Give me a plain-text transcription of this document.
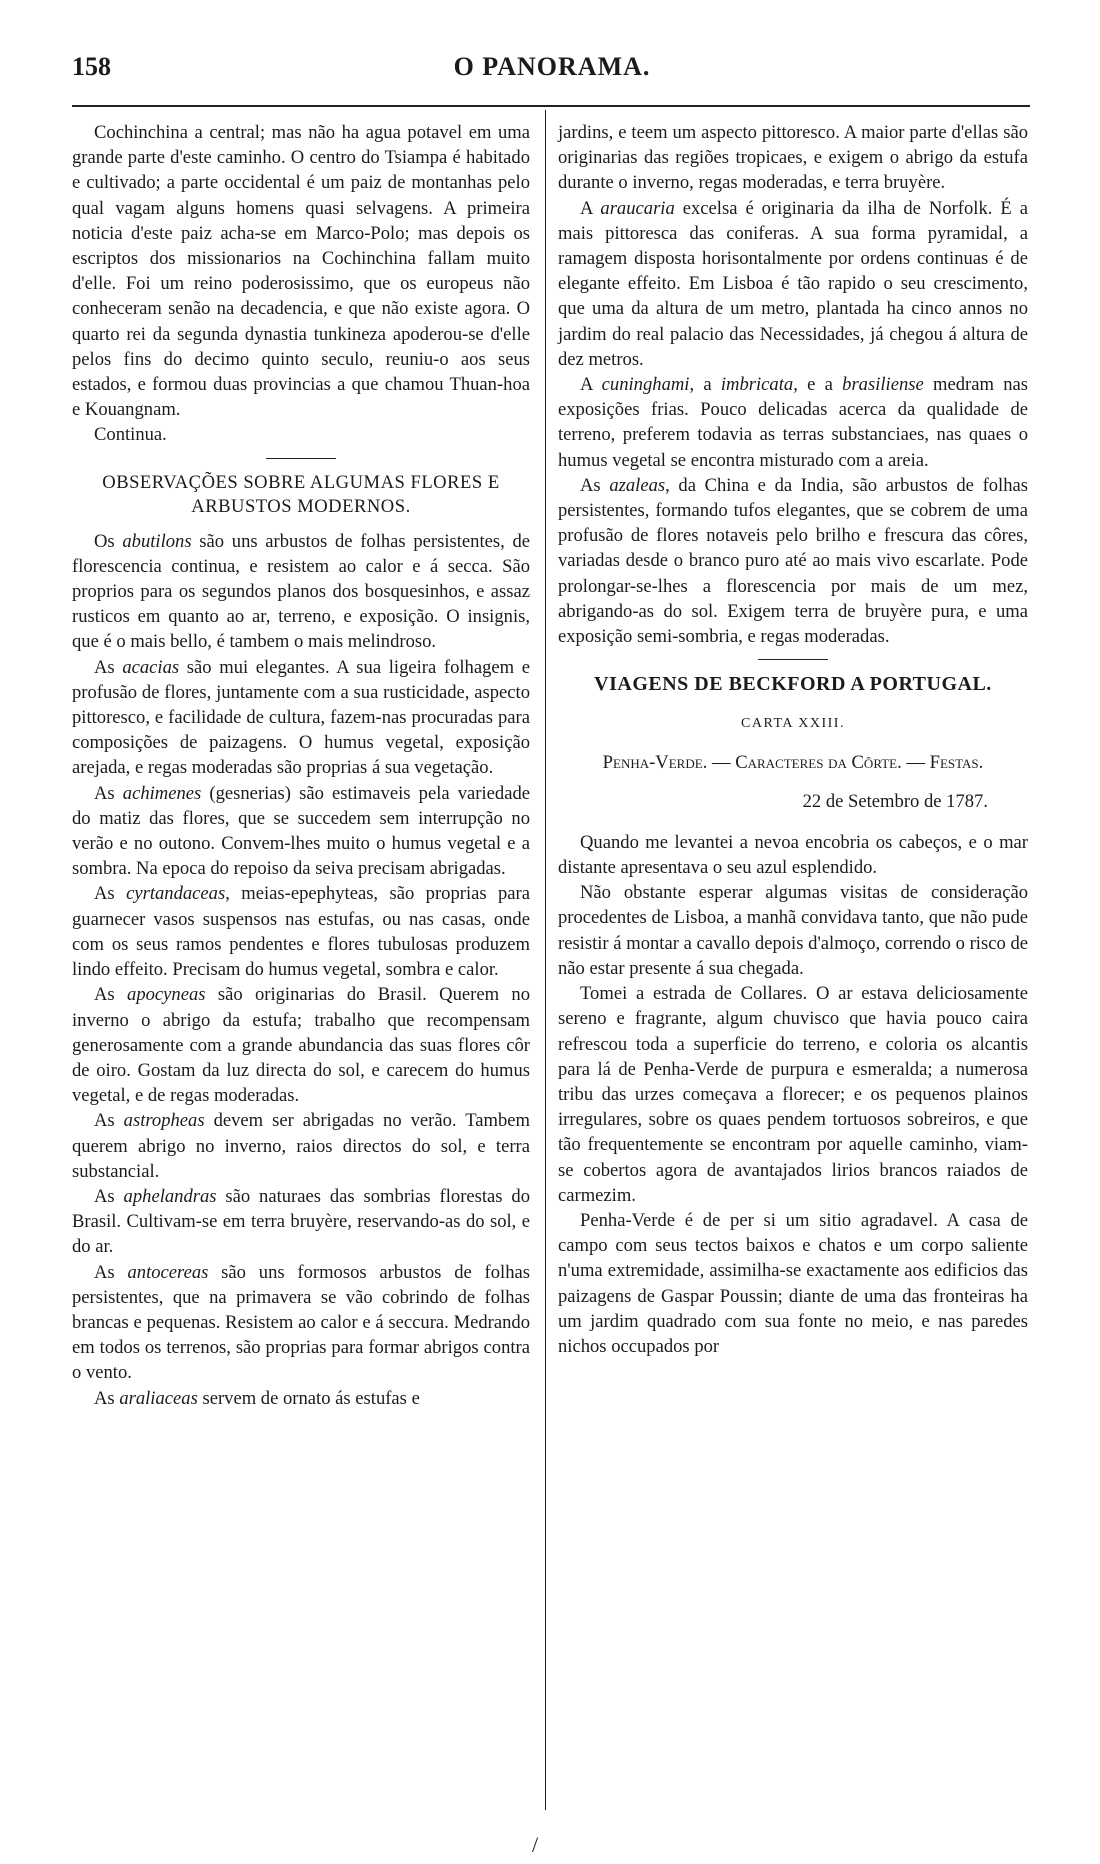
158	O PANORAMA.

Cochinchina a central; mas não ha agua potavel em uma grande parte d'este caminho. O centro do Tsiampa é habitado e cultivado; a parte occidental é um paiz de montanhas pelo qual vagam alguns homens quasi selvagens. A primeira noticia d'este paiz acha-se em Marco-Polo; mas depois os escriptos dos missionarios na Cochinchina fallam muito d'elle. Foi um reino poderosissimo, que os europeus não conheceram senão na decadencia, e que não existe agora. O quarto rei da segunda dynastia tunkineza apoderou-se d'elle pelos fins do decimo quinto seculo, reuniu-o aos seus estados, e formou duas provincias a que chamou Thuan-hoa e Kouangnam.

Continua.

OBSERVAÇÕES SOBRE ALGUMAS FLORES E ARBUSTOS MODERNOS.

Os abutilons são uns arbustos de folhas persistentes, de florescencia continua, e resistem ao calor e á secca. São proprios para os segundos planos dos bosquesinhos, e assaz rusticos em quanto ao ar, terreno, e exposição. O insignis, que é o mais bello, é tambem o mais melindroso.

As acacias são mui elegantes. A sua ligeira folhagem e profusão de flores, juntamente com a sua rusticidade, aspecto pittoresco, e facilidade de cultura, fazem-nas procuradas para composições de paizagens. O humus vegetal, exposição arejada, e regas moderadas são proprias á sua vegetação.

As achimenes (gesnerias) são estimaveis pela variedade do matiz das flores, que se succedem sem interrupção no verão e no outono. Convem-lhes muito o humus vegetal e a sombra. Na epoca do repoiso da seiva precisam abrigadas.

As cyrtandaceas, meias-epephyteas, são proprias para guarnecer vasos suspensos nas estufas, ou nas casas, onde com os seus ramos pendentes e flores tubulosas produzem lindo effeito. Precisam do humus vegetal, sombra e calor.

As apocyneas são originarias do Brasil. Querem no inverno o abrigo da estufa; trabalho que recompensam generosamente com a grande abundancia das suas flores côr de oiro. Gostam da luz directa do sol, e carecem do humus vegetal, e de regas moderadas.

As astropheas devem ser abrigadas no verão. Tambem querem abrigo no inverno, raios directos do sol, e terra substancial.

As aphelandras são naturaes das sombrias florestas do Brasil. Cultivam-se em terra bruyère, reservando-as do sol, e do ar.

As antocereas são uns formosos arbustos de folhas persistentes, que na primavera se vão cobrindo de folhas brancas e pequenas. Resistem ao calor e á seccura. Medrando em todos os terrenos, são proprias para formar abrigos contra o vento.

As araliaceas servem de ornato ás estufas e

jardins, e teem um aspecto pittoresco. A maior parte d'ellas são originarias das regiões tropicaes, e exigem o abrigo da estufa durante o inverno, regas moderadas, e terra bruyère.

A araucaria excelsa é originaria da ilha de Norfolk. É a mais pittoresca das coniferas. A sua forma pyramidal, a ramagem disposta horisontalmente por ordens continuas é de elegante effeito. Em Lisboa é tão rapido o seu crescimento, que uma da altura de um metro, plantada ha cinco annos no jardim do real palacio das Necessidades, já chegou á altura de dez metros.

A cuninghami, a imbricata, e a brasiliense medram nas exposições frias. Pouco delicadas acerca da qualidade de terreno, preferem todavia as terras substanciaes, nas quaes o humus vegetal se encontra misturado com a areia.

As azaleas, da China e da India, são arbustos de folhas persistentes, formando tufos elegantes, que se cobrem de uma profusão de flores notaveis pelo brilho e frescura das côres, variadas desde o branco puro até ao mais vivo escarlate. Pode prolongar-se-lhes a florescencia por mais de um mez, abrigando-as do sol. Exigem terra de bruyère pura, e uma exposição semi-sombria, e regas moderadas.

VIAGENS DE BECKFORD A PORTUGAL.
CARTA XXIII.
Penha-Verde. — Caracteres da Côrte. — Festas.
22 de Setembro de 1787.

Quando me levantei a nevoa encobria os cabeços, e o mar distante apresentava o seu azul esplendido.

Não obstante esperar algumas visitas de consideração procedentes de Lisboa, a manhã convidava tanto, que não pude resistir á montar a cavallo depois d'almoço, correndo o risco de não estar presente á sua chegada.

Tomei a estrada de Collares. O ar estava deliciosamente sereno e fragrante, algum chuvisco que havia pouco caira refrescou toda a superficie do terreno, e coloria os alcantis para lá de Penha-Verde de purpura e esmeralda; a numerosa tribu das urzes começava a florecer; e os pequenos plainos irregulares, sobre os quaes pendem tortuosos sobreiros, e que tão frequentemente se encontram por aquelle caminho, viam-se cobertos agora de avantajados lirios brancos raiados de carmezim.

Penha-Verde é de per si um sitio agradavel. A casa de campo com seus tectos baixos e chatos e um corpo saliente n'uma extremidade, assimilha-se exactamente aos edificios das paizagens de Gaspar Poussin; diante de uma das fronteiras ha um jardim quadrado com sua fonte no meio, e nas paredes nichos occupados por

/
